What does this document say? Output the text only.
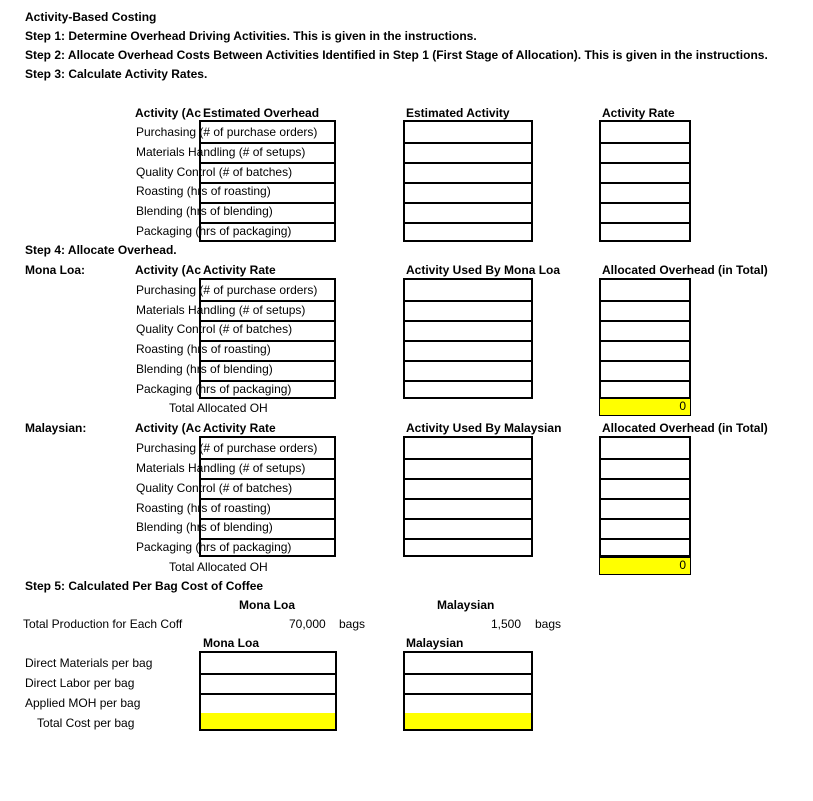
Activity-Based Costing
Step 1: Determine Overhead Driving Activities. This is given in the instructions.
Step 2: Allocate Overhead Costs Between Activities Identified in Step 1 (First Stage of Allocation). This is given in the instructions.
Step 3: Calculate Activity Rates.
Activity (Ac Estimated Overhead	Estimated Activity	Activity Rate
Purchasing (# of purchase orders)
Materials Handling (# of setups)
Quality Control (# of batches)
Roasting (hrs of roasting)
Blending (hrs of blending)
Packaging (hrs of packaging)
Step 4: Allocate Overhead.
Mona Loa:	Activity (Ac Activity Rate	Activity Used By Mona Loa	Allocated Overhead (in Total)
Purchasing (# of purchase orders)
Materials Handling (# of setups)
Quality Control (# of batches)
Roasting (hrs of roasting)
Blending (hrs of blending)
Packaging (hrs of packaging)
Total Allocated OH	0
Malaysian:	Activity (Ac Activity Rate	Activity Used By Malaysian	Allocated Overhead (in Total)
Purchasing (# of purchase orders)
Materials Handling (# of setups)
Quality Control (# of batches)
Roasting (hrs of roasting)
Blending (hrs of blending)
Packaging (hrs of packaging)
Total Allocated OH	0
Step 5: Calculated Per Bag Cost of Coffee
Mona Loa	Malaysian
Total Production for Each Coff	70,000 bags	1,500 bags
Mona Loa	Malaysian
Direct Materials per bag
Direct Labor per bag
Applied MOH per bag
Total Cost per bag
